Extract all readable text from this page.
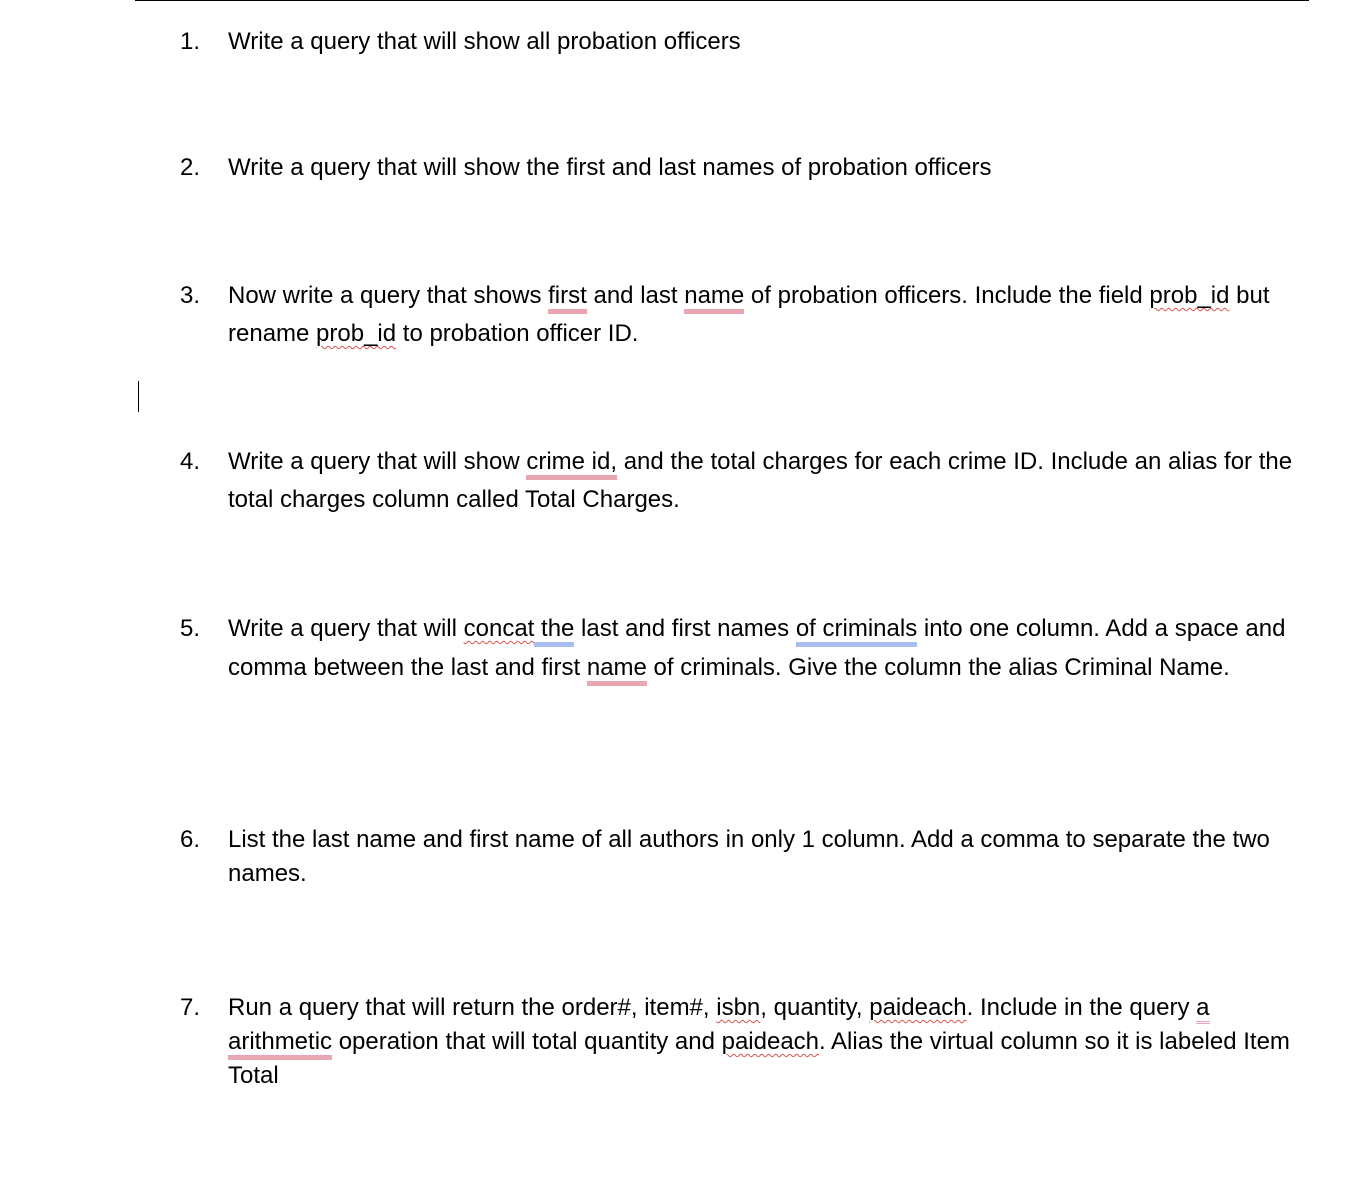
1. Write a query that will show all probation officers
2. Write a query that will show the first and last names of probation officers
3. Now write a query that shows first and last name of probation officers. Include the field prob_id but rename prob_id to probation officer ID.
4. Write a query that will show crime id, and the total charges for each crime ID. Include an alias for the total charges column called Total Charges.
5. Write a query that will concat the last and first names of criminals into one column. Add a space and comma between the last and first name of criminals. Give the column the alias Criminal Name.
6. List the last name and first name of all authors in only 1 column. Add a comma to separate the two names.
7. Run a query that will return the order#, item#, isbn, quantity, paideach. Include in the query a arithmetic operation that will total quantity and paideach. Alias the virtual column so it is labeled Item Total
